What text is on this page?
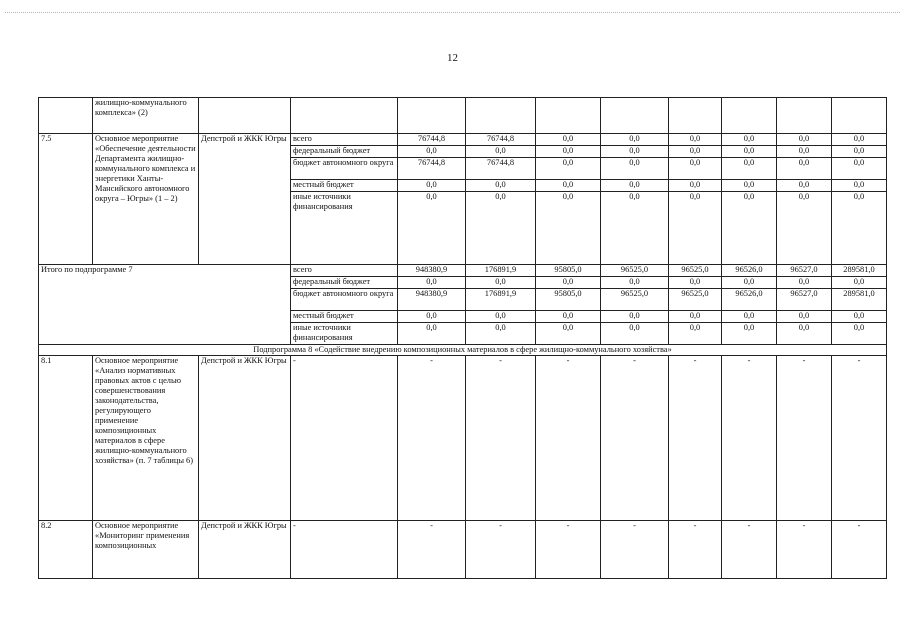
12
	жилищно-коммунального комплекса» (2)										
7.5	Основное мероприятие «Обеспечение деятельности Департамента жилищно-коммунального комплекса и энергетики Ханты-Мансийского автономного округа – Югры» (1 – 2)	Депстрой и ЖКК Югры	всего	76744,8	76744,8	0,0	0,0	0,0	0,0	0,0	0,0
			федеральный бюджет	0,0	0,0	0,0	0,0	0,0	0,0	0,0	0,0
			бюджет автономного округа	76744,8	76744,8	0,0	0,0	0,0	0,0	0,0	0,0
			местный бюджет	0,0	0,0	0,0	0,0	0,0	0,0	0,0	0,0
			иные источники финансирования	0,0	0,0	0,0	0,0	0,0	0,0	0,0	0,0
Итого по подпрограмме 7			всего	948380,9	176891,9	95805,0	96525,0	96525,0	96526,0	96527,0	289581,0
			федеральный бюджет	0,0	0,0	0,0	0,0	0,0	0,0	0,0	0,0
			бюджет автономного округа	948380,9	176891,9	95805,0	96525,0	96525,0	96526,0	96527,0	289581,0
			местный бюджет	0,0	0,0	0,0	0,0	0,0	0,0	0,0	0,0
			иные источники финансирования	0,0	0,0	0,0	0,0	0,0	0,0	0,0	0,0
Подпрограмма 8 «Содействие внедрению композиционных материалов в сфере жилищно-коммунального хозяйства»											
8.1	Основное мероприятие «Анализ нормативных правовых актов с целью совершенствования законодательства, регулирующего применение композиционных материалов в сфере жилищно-коммунального хозяйства» (п. 7 таблицы 6)	Депстрой и ЖКК Югры	-	-	-	-	-	-	-	-	-
8.2	Основное мероприятие «Мониторинг применения композиционных	Депстрой и ЖКК Югры	-	-	-	-	-	-	-	-	-
